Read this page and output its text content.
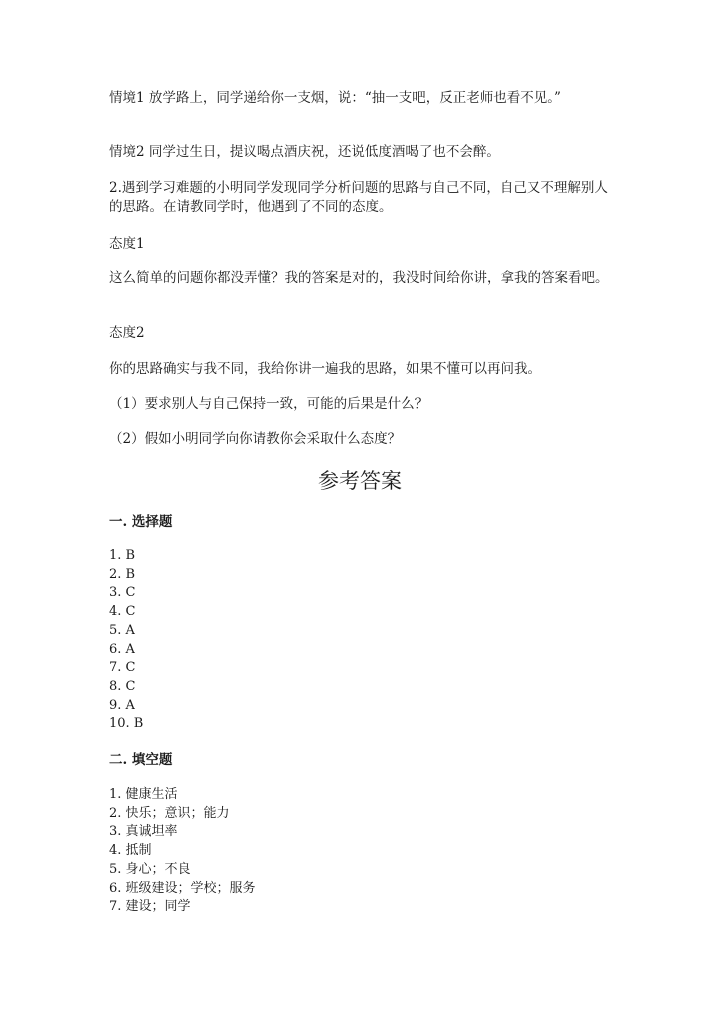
情境1 放学路上，同学递给你一支烟，说：“抽一支吧，反正老师也看不见。”

情境2 同学过生日，提议喝点酒庆祝，还说低度酒喝了也不会醉。

2.遇到学习难题的小明同学发现同学分析问题的思路与自己不同，自己又不理解别人的思路。在请教同学时，他遇到了不同的态度。

态度1

这么简单的问题你都没弄懂？我的答案是对的，我没时间给你讲，拿我的答案看吧。

态度2

你的思路确实与我不同，我给你讲一遍我的思路，如果不懂可以再问我。

（1）要求别人与自己保持一致，可能的后果是什么？

（2）假如小明同学向你请教你会采取什么态度？

参考答案
一. 选择题
1. B
2. B
3. C
4. C
5. A
6. A
7. C
8. C
9. A
10. B
二. 填空题
1. 健康生活
2. 快乐；意识；能力
3. 真诚坦率
4. 抵制
5. 身心；不良
6. 班级建设；学校；服务
7. 建设；同学
